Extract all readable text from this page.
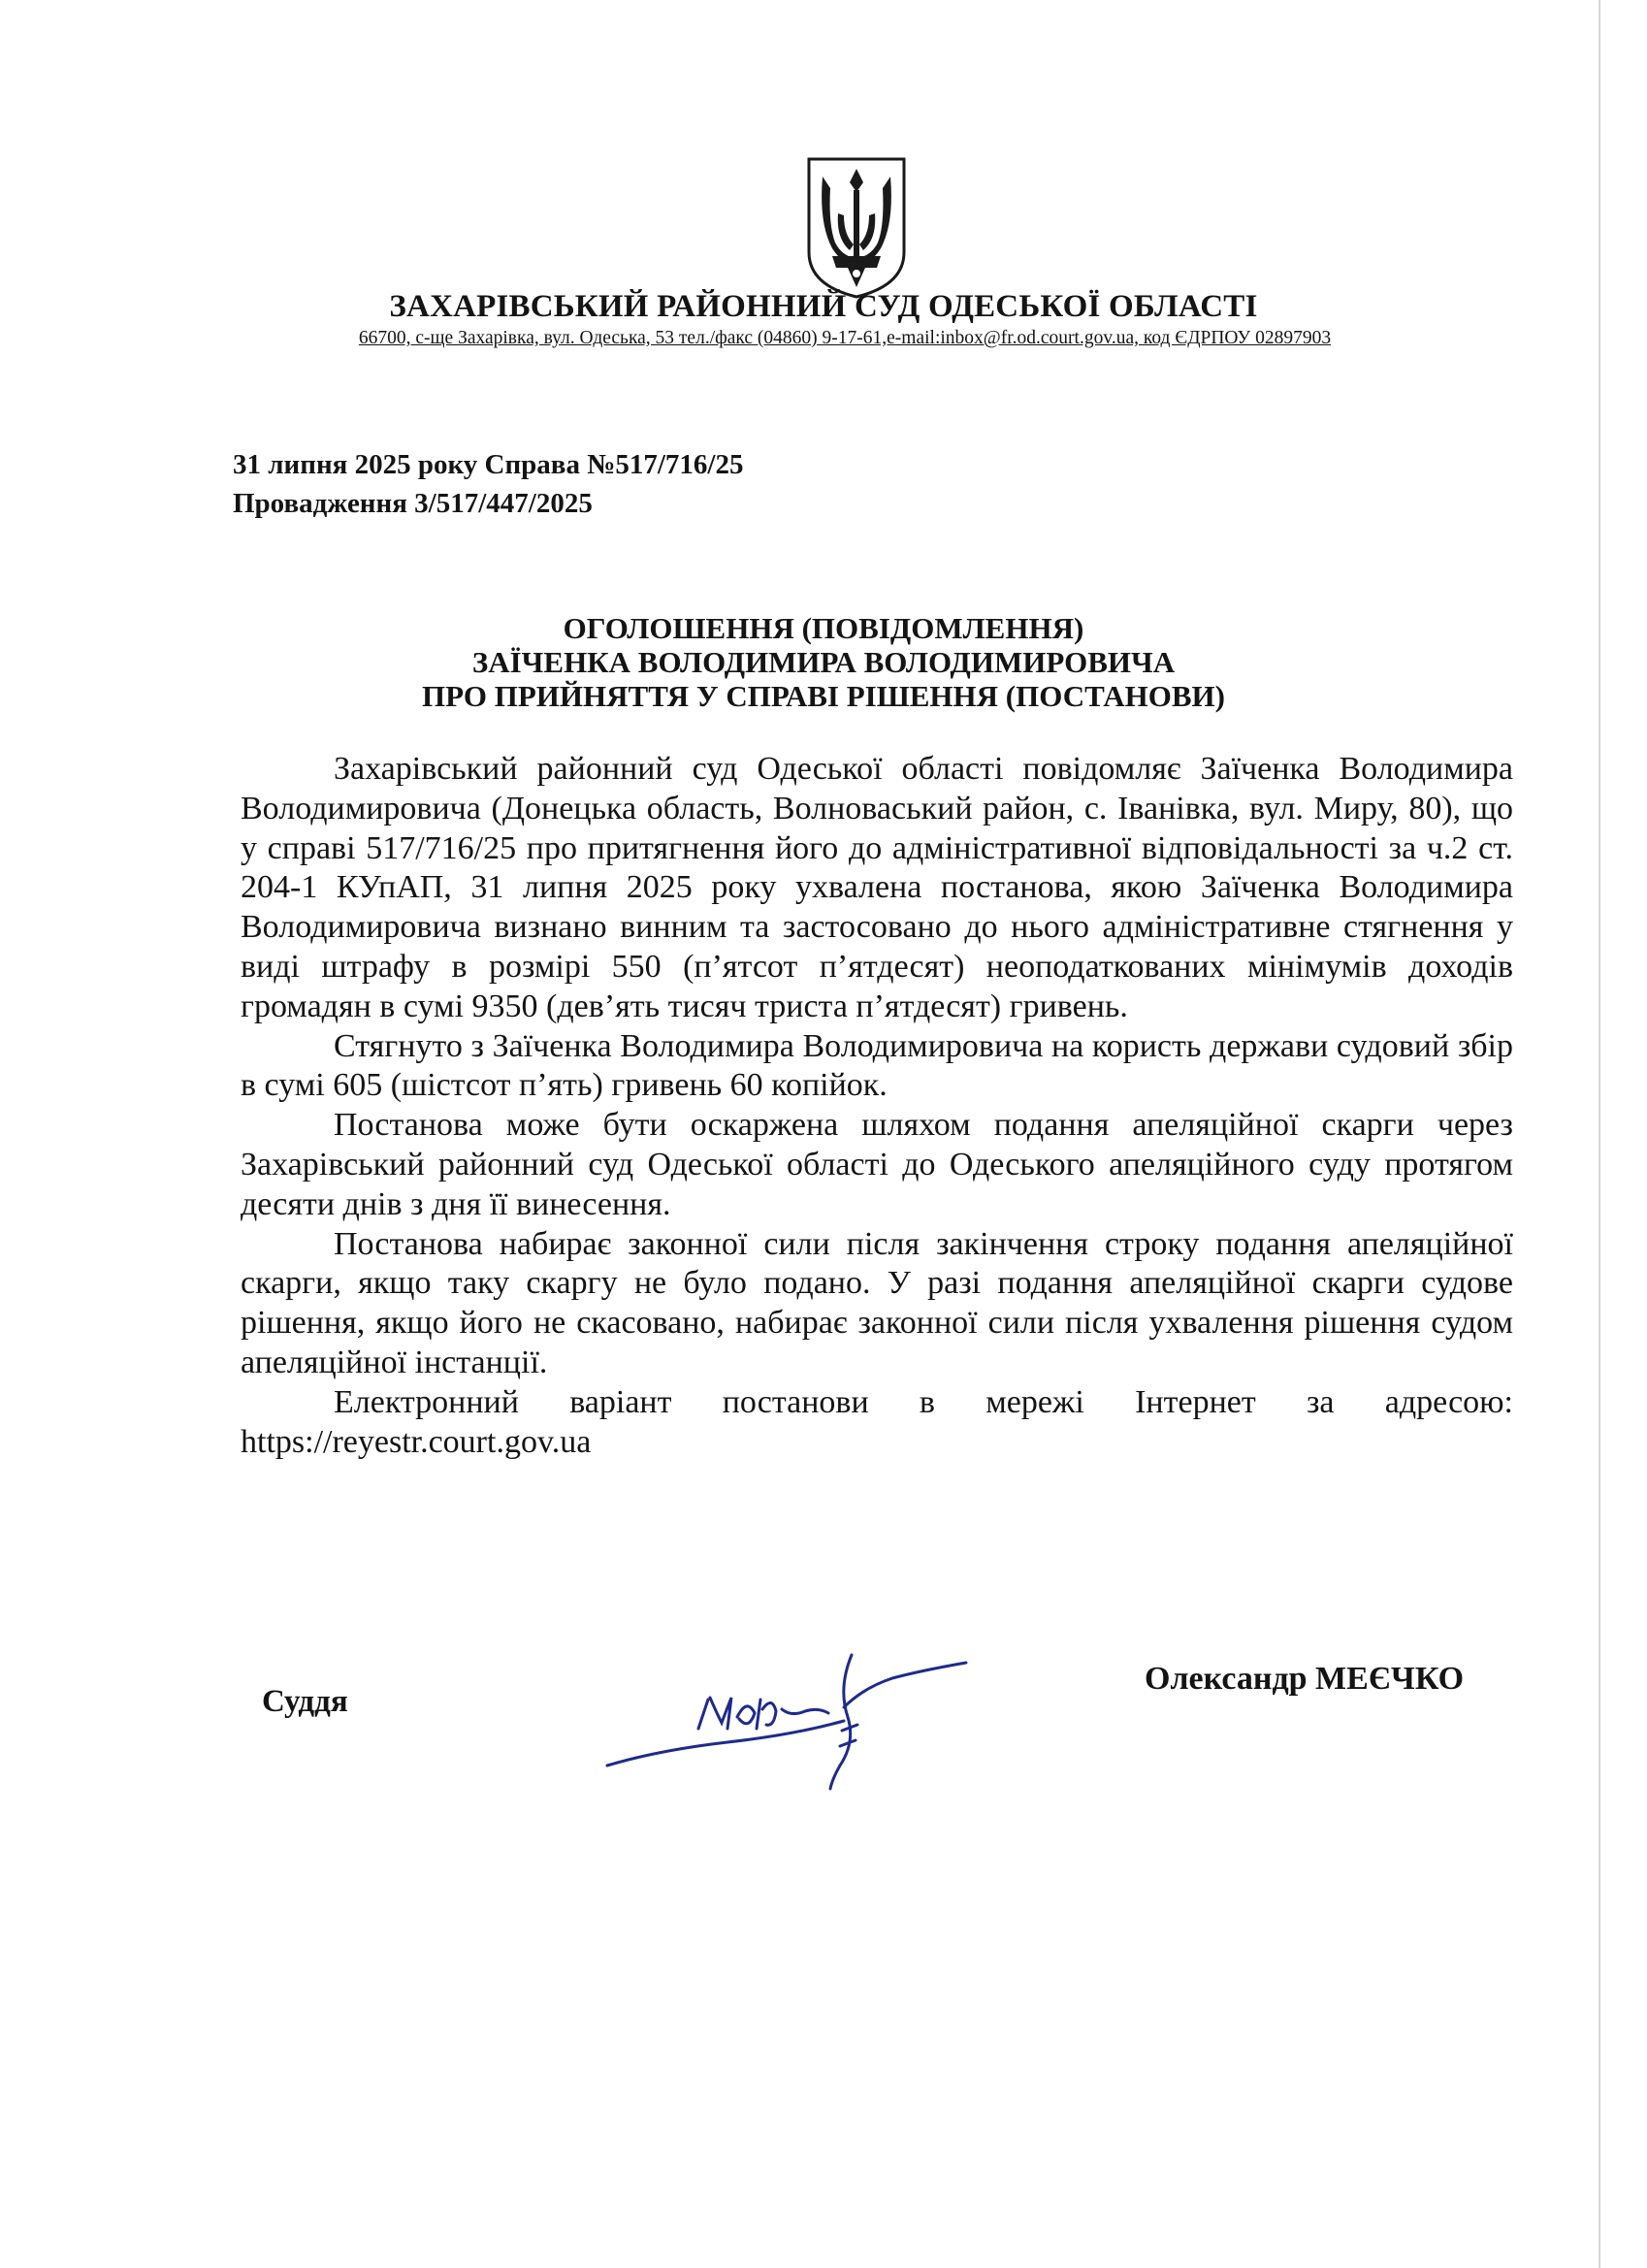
ЗАХАРІВСЬКИЙ РАЙОННИЙ СУД ОДЕСЬКОЇ ОБЛАСТІ
66700, с-ще Захарівка, вул. Одеська, 53 тел./факс (04860) 9-17-61,e-mail:inbox@fr.od.court.gov.ua, код ЄДРПОУ 02897903
31 липня 2025 року Справа №517/716/25
Провадження 3/517/447/2025
ОГОЛОШЕННЯ (ПОВІДОМЛЕННЯ)
ЗАЇЧЕНКА ВОЛОДИМИРА ВОЛОДИМИРОВИЧА
ПРО ПРИЙНЯТТЯ У СПРАВІ РІШЕННЯ (ПОСТАНОВИ)

Захарівський районний суд Одеської області повідомляє Заїченка Володимира Володимировича (Донецька область, Волноваський район, с. Іванівка, вул. Миру, 80), що у справі 517/716/25 про притягнення його до адміністративної відповідальності за ч.2 ст. 204-1 КУпАП, 31 липня 2025 року ухвалена постанова, якою Заїченка Володимира Володимировича визнано винним та застосовано до нього адміністративне стягнення у виді штрафу в розмірі 550 (п’ятсот п’ятдесят) неоподаткованих мінімумів доходів громадян в сумі 9350 (дев’ять тисяч триста п’ятдесят) гривень.

Стягнуто з Заїченка Володимира Володимировича на користь держави судовий збір в сумі 605 (шістсот п’ять) гривень 60 копійок.

Постанова може бути оскаржена шляхом подання апеляційної скарги через Захарівський районний суд Одеської області до Одеського апеляційного суду протягом десяти днів з дня її винесення.

Постанова набирає законної сили після закінчення строку подання апеляційної скарги, якщо таку скаргу не було подано. У разі подання апеляційної скарги судове рішення, якщо його не скасовано, набирає законної сили після ухвалення рішення судом апеляційної інстанції.

Електронний варіант постанови в мережі Інтернет за адресою: https://reyestr.court.gov.ua

Суддя
Олександр МЕЄЧКО
